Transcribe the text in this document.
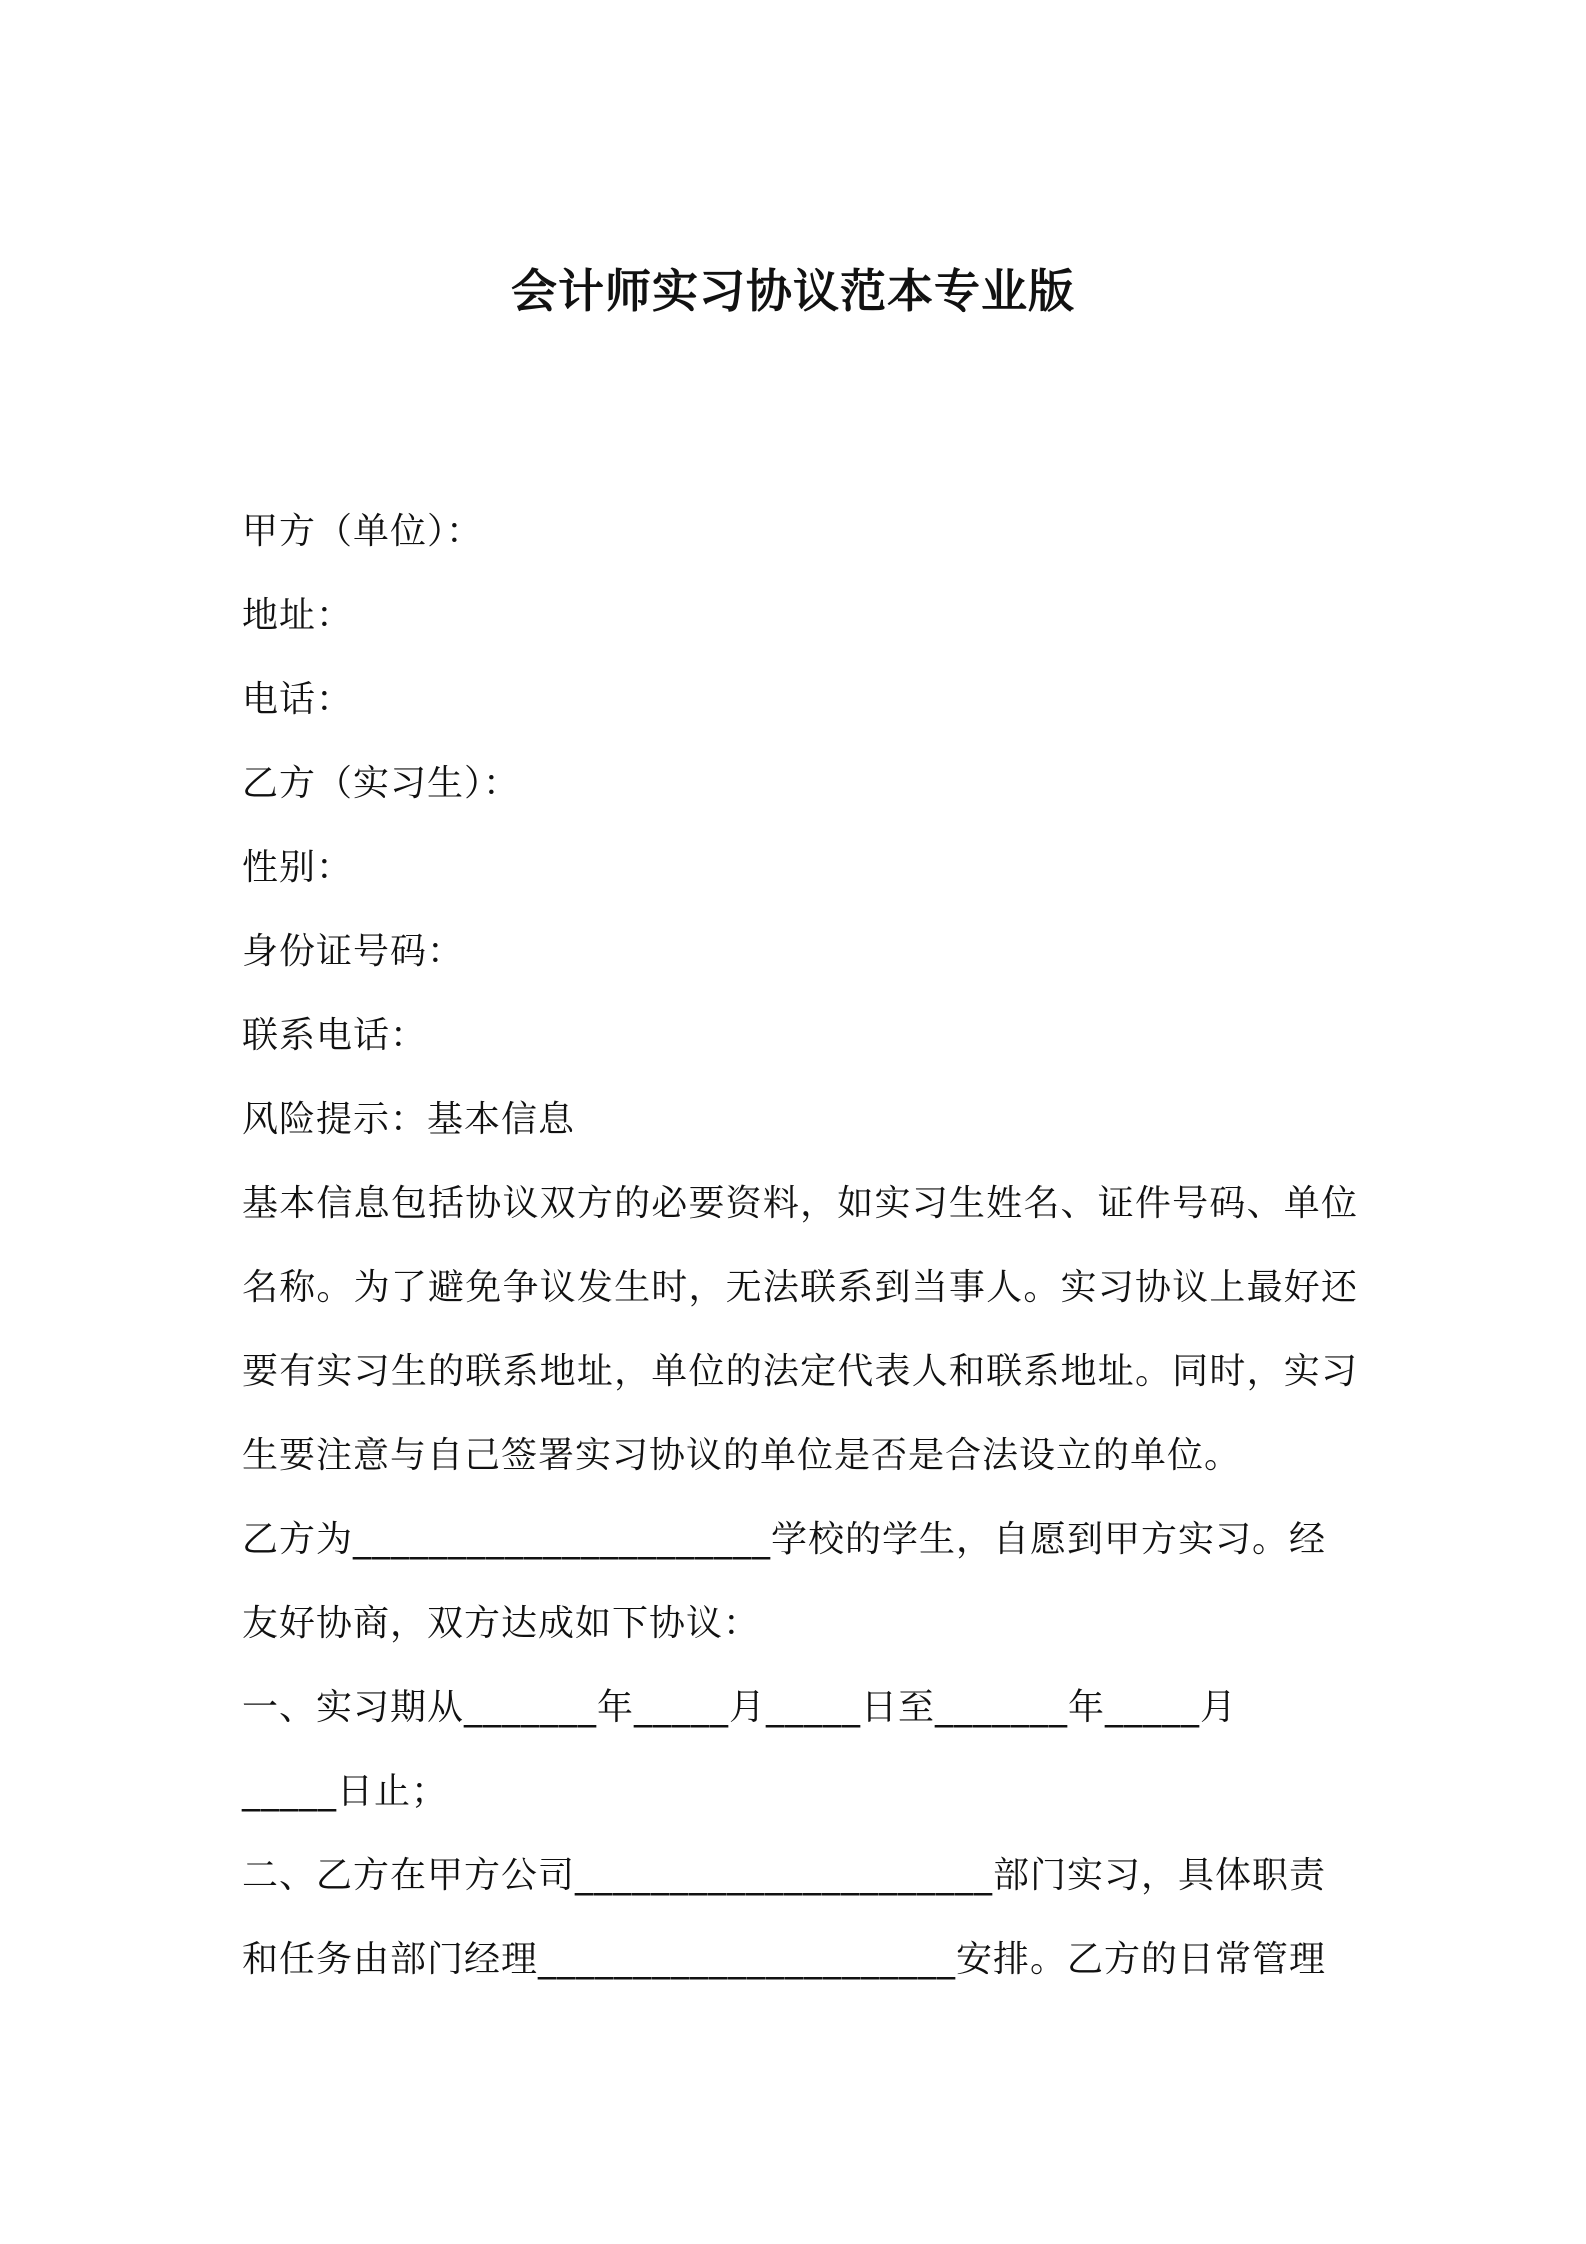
会计师实习协议范本专业版
甲方（单位）：
地址：
电话：
乙方（实习生）：
性别：
身份证号码：
联系电话：
风险提示：基本信息

基本信息包括协议双方的必要资料，如实习生姓名、证件号码、单位名称。为了避免争议发生时，无法联系到当事人。实习协议上最好还要有实习生的联系地址，单位的法定代表人和联系地址。同时，实习生要注意与自己签署实习协议的单位是否是合法设立的单位。

乙方为______________________学校的学生，自愿到甲方实习。经
友好协商，双方达成如下协议：
一、实习期从_______年_____月_____日至_______年_____月
_____日止；
二、乙方在甲方公司______________________部门实习，具体职责
和任务由部门经理______________________安排。乙方的日常管理
